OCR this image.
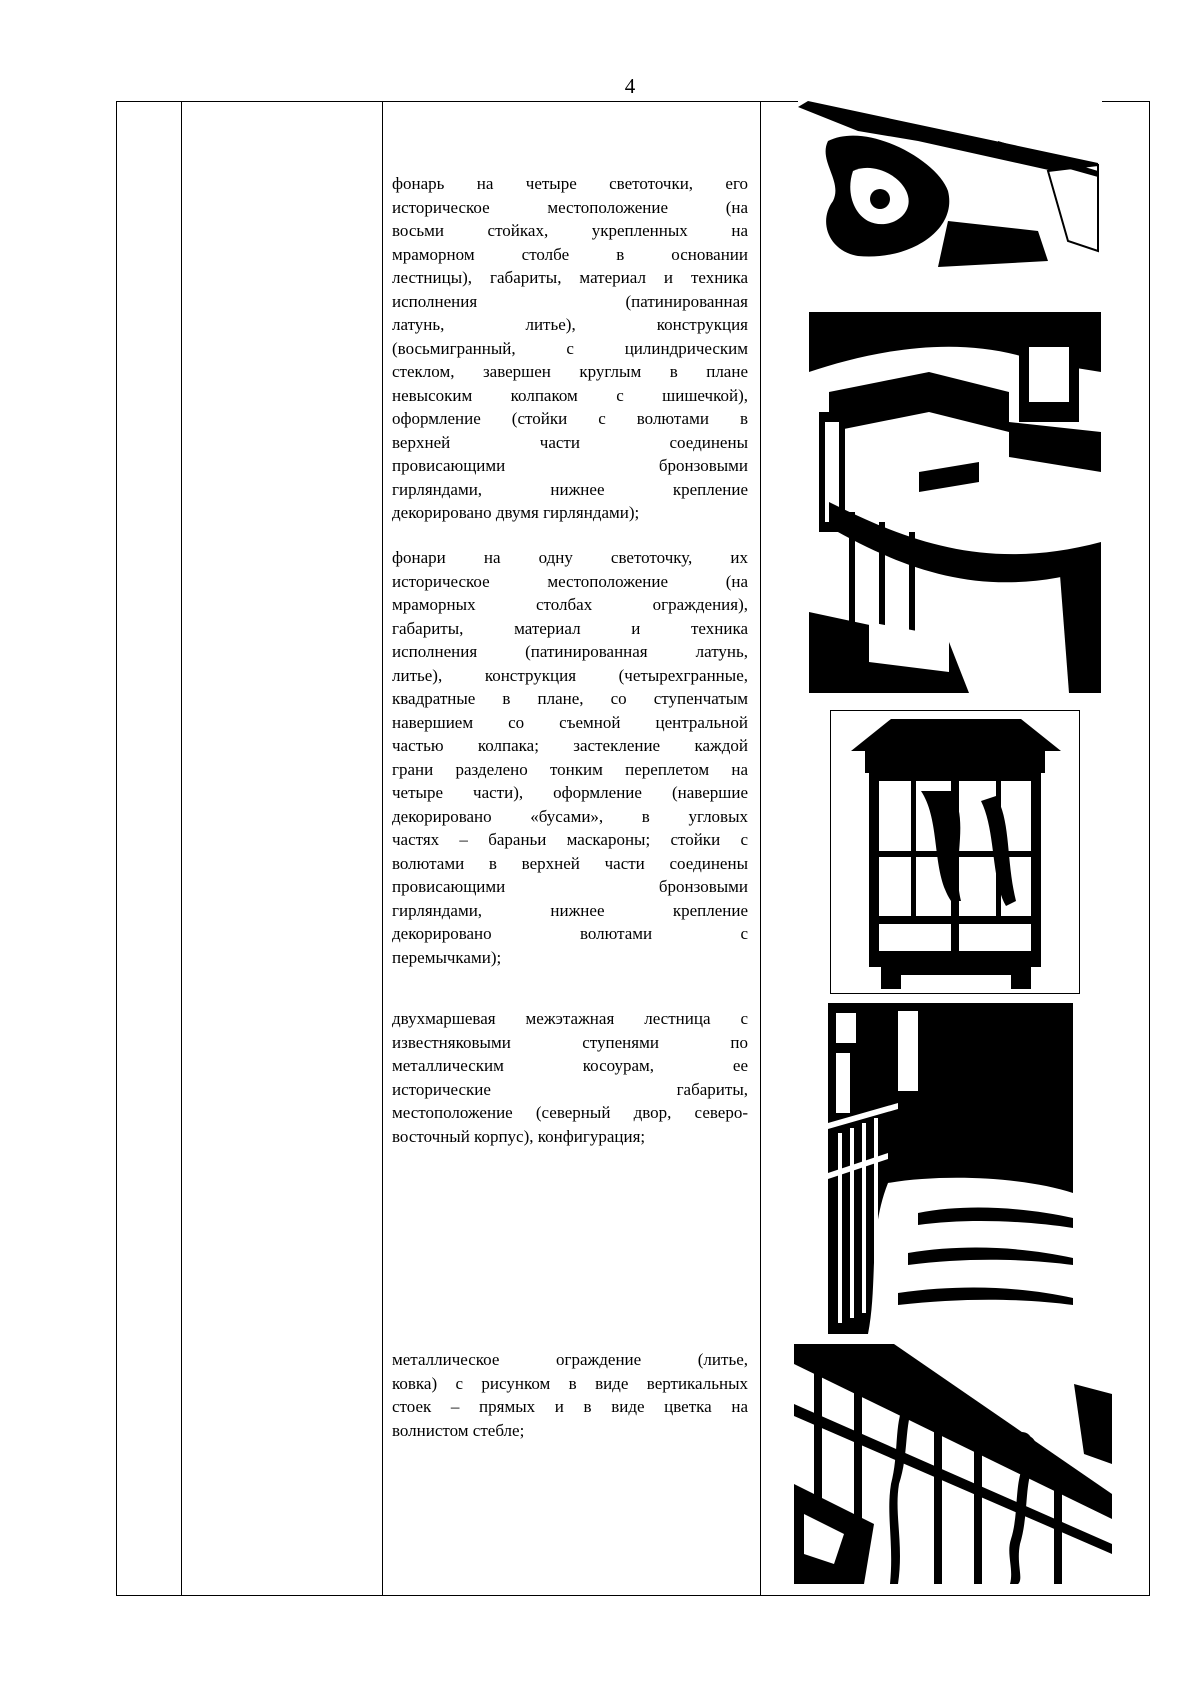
4
фонарь на четыре светоточки, его
историческое местоположение (на
восьми стойках, укрепленных на
мраморном столбе в основании
лестницы), габариты, материал и техника
исполнения (патинированная
латунь, литье), конструкция
(восьмигранный, с цилиндрическим
стеклом, завершен круглым в плане
невысоким колпаком с шишечкой),
оформление (стойки с волютами в
верхней части соединены
провисающими бронзовыми
гирляндами, нижнее крепление
декорировано двумя гирляндами);
фонари на одну светоточку, их
историческое местоположение (на
мраморных столбах ограждения),
габариты, материал и техника
исполнения (патинированная латунь,
литье), конструкция (четырехгранные,
квадратные в плане, со ступенчатым
навершием со съемной центральной
частью колпака; застекление каждой
грани разделено тонким переплетом на
четыре части), оформление (навершие
декорировано «бусами», в угловых
частях – бараньи маскароны; стойки с
волютами в верхней части соединены
провисающими бронзовыми
гирляндами, нижнее крепление
декорировано волютами с
перемычками);
двухмаршевая межэтажная лестница с
известняковыми ступенями по
металлическим косоурам, ее
исторические габариты,
местоположение (северный двор, северо-
восточный корпус), конфигурация;
металлическое ограждение (литье,
ковка) с рисунком в виде вертикальных
стоек – прямых и в виде цветка на
волнистом стебле;
